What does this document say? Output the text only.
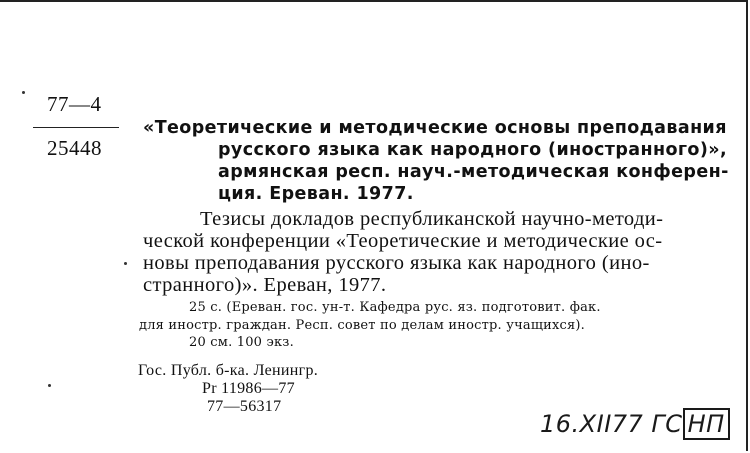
77—4
25448
«Теоретические и методические основы преподавания
русского языка как народного (иностранного)»,
армянская респ. науч.-методическая конферен-
ция. Ереван. 1977.
Тезисы докладов республиканской научно-методи-
ческой конференции «Теоретические и методические ос-
новы преподавания русского языка как народного (ино-
странного)». Ереван, 1977.
25 с. (Ереван. гос. ун-т. Кафедра рус. яз. подготовит. фак.
для иностр. граждан. Респ. совет по делам иностр. учащихся).
20 см. 100 экз.
Гос. Публ. б-ка. Ленингр.
Pr 11986—77
77—56317
16.XII77 ГС НП
